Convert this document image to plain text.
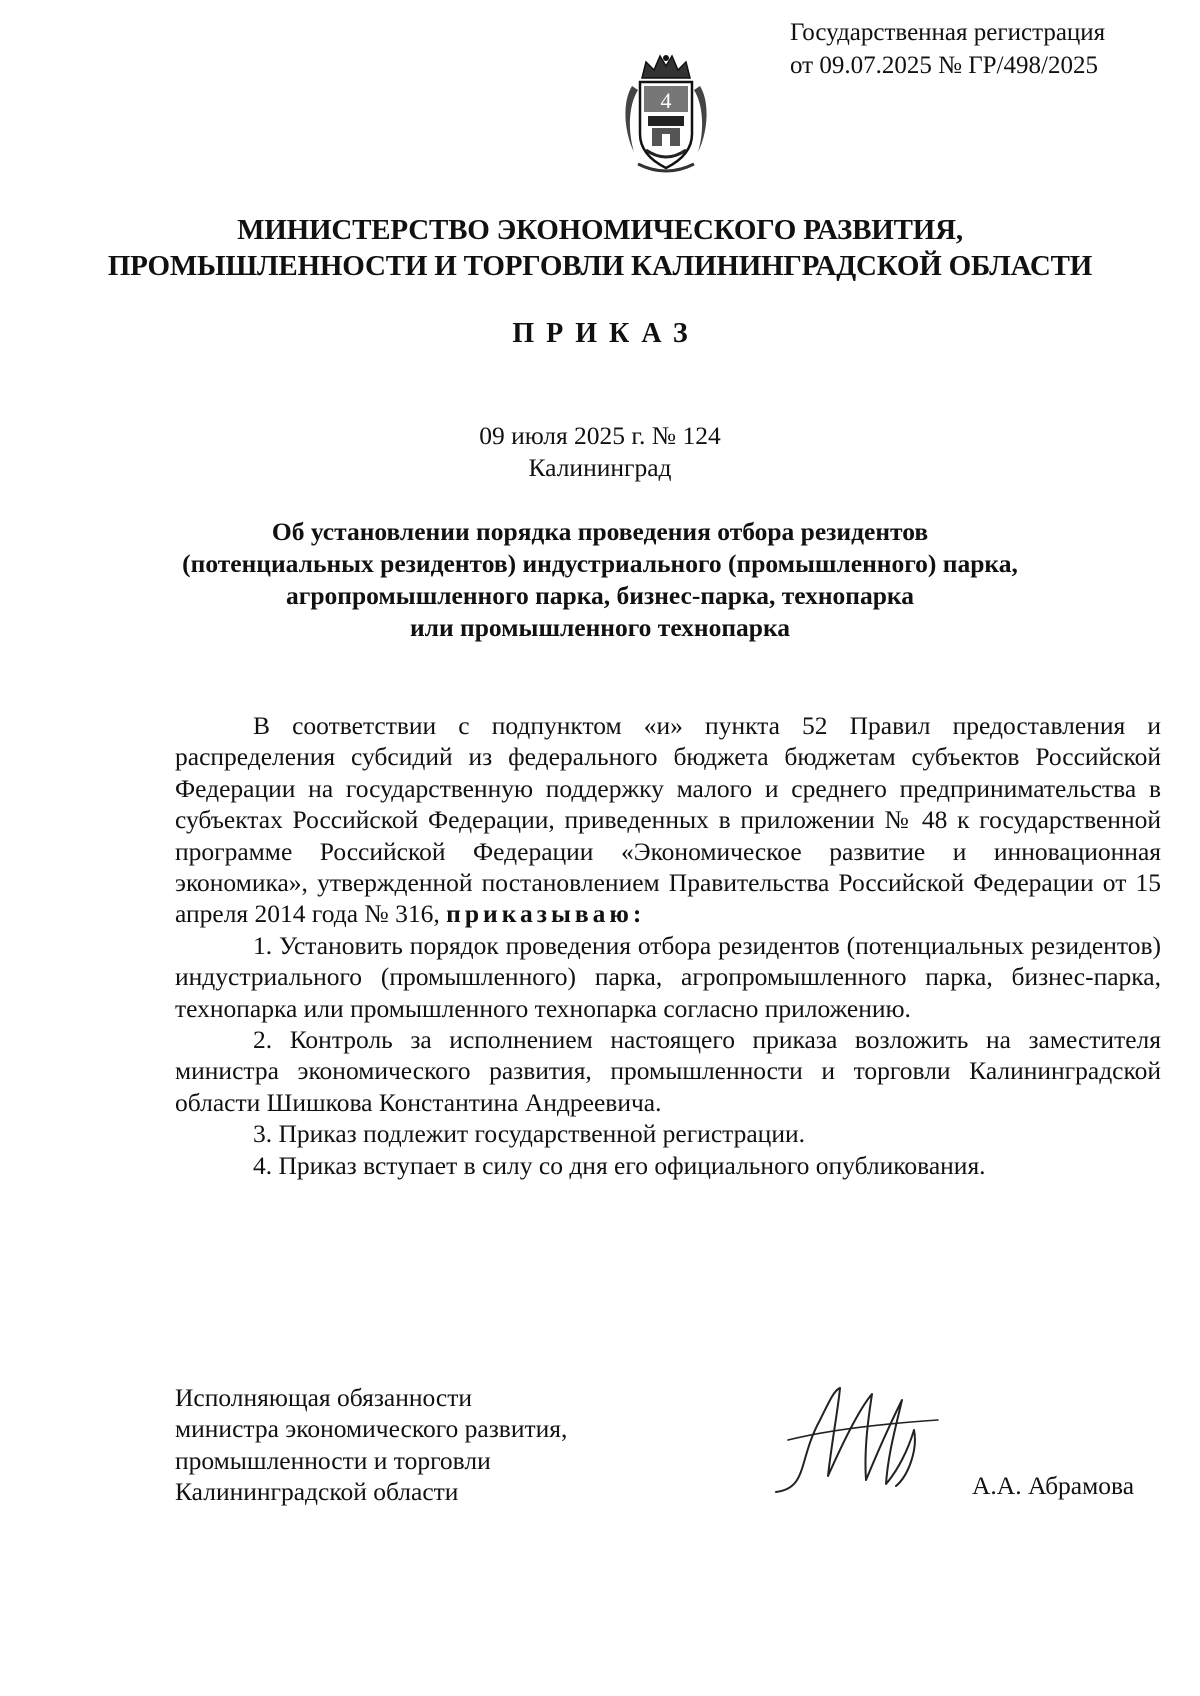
Государственная регистрация
от 09.07.2025 № ГР/498/2025
4
МИНИСТЕРСТВО ЭКОНОМИЧЕСКОГО РАЗВИТИЯ,
ПРОМЫШЛЕННОСТИ И ТОРГОВЛИ КАЛИНИНГРАДСКОЙ ОБЛАСТИ
ПРИКАЗ
09 июля 2025 г. № 124
Калининград
Об установлении порядка проведения отбора резидентов
(потенциальных резидентов) индустриального (промышленного) парка,
агропромышленного парка, бизнес-парка, технопарка
или промышленного технопарка

В соответствии с подпунктом «и» пункта 52 Правил предоставления и распределения субсидий из федерального бюджета бюджетам субъектов Российской Федерации на государственную поддержку малого и среднего предпринимательства в субъектах Российской Федерации, приведенных в приложении № 48 к государственной программе Российской Федерации «Экономическое развитие и инновационная экономика», утвержденной постановлением Правительства Российской Федерации от 15 апреля 2014 года № 316, приказываю:

1. Установить порядок проведения отбора резидентов (потенциальных резидентов) индустриального (промышленного) парка, агропромышленного парка, бизнес-парка, технопарка или промышленного технопарка согласно приложению.

2. Контроль за исполнением настоящего приказа возложить на заместителя министра экономического развития, промышленности и торговли Калининградской области Шишкова Константина Андреевича.

3. Приказ подлежит государственной регистрации.

4. Приказ вступает в силу со дня его официального опубликования.

Исполняющая обязанности
министра экономического развития,
промышленности и торговли
Калининградской области	А.А. Абрамова
